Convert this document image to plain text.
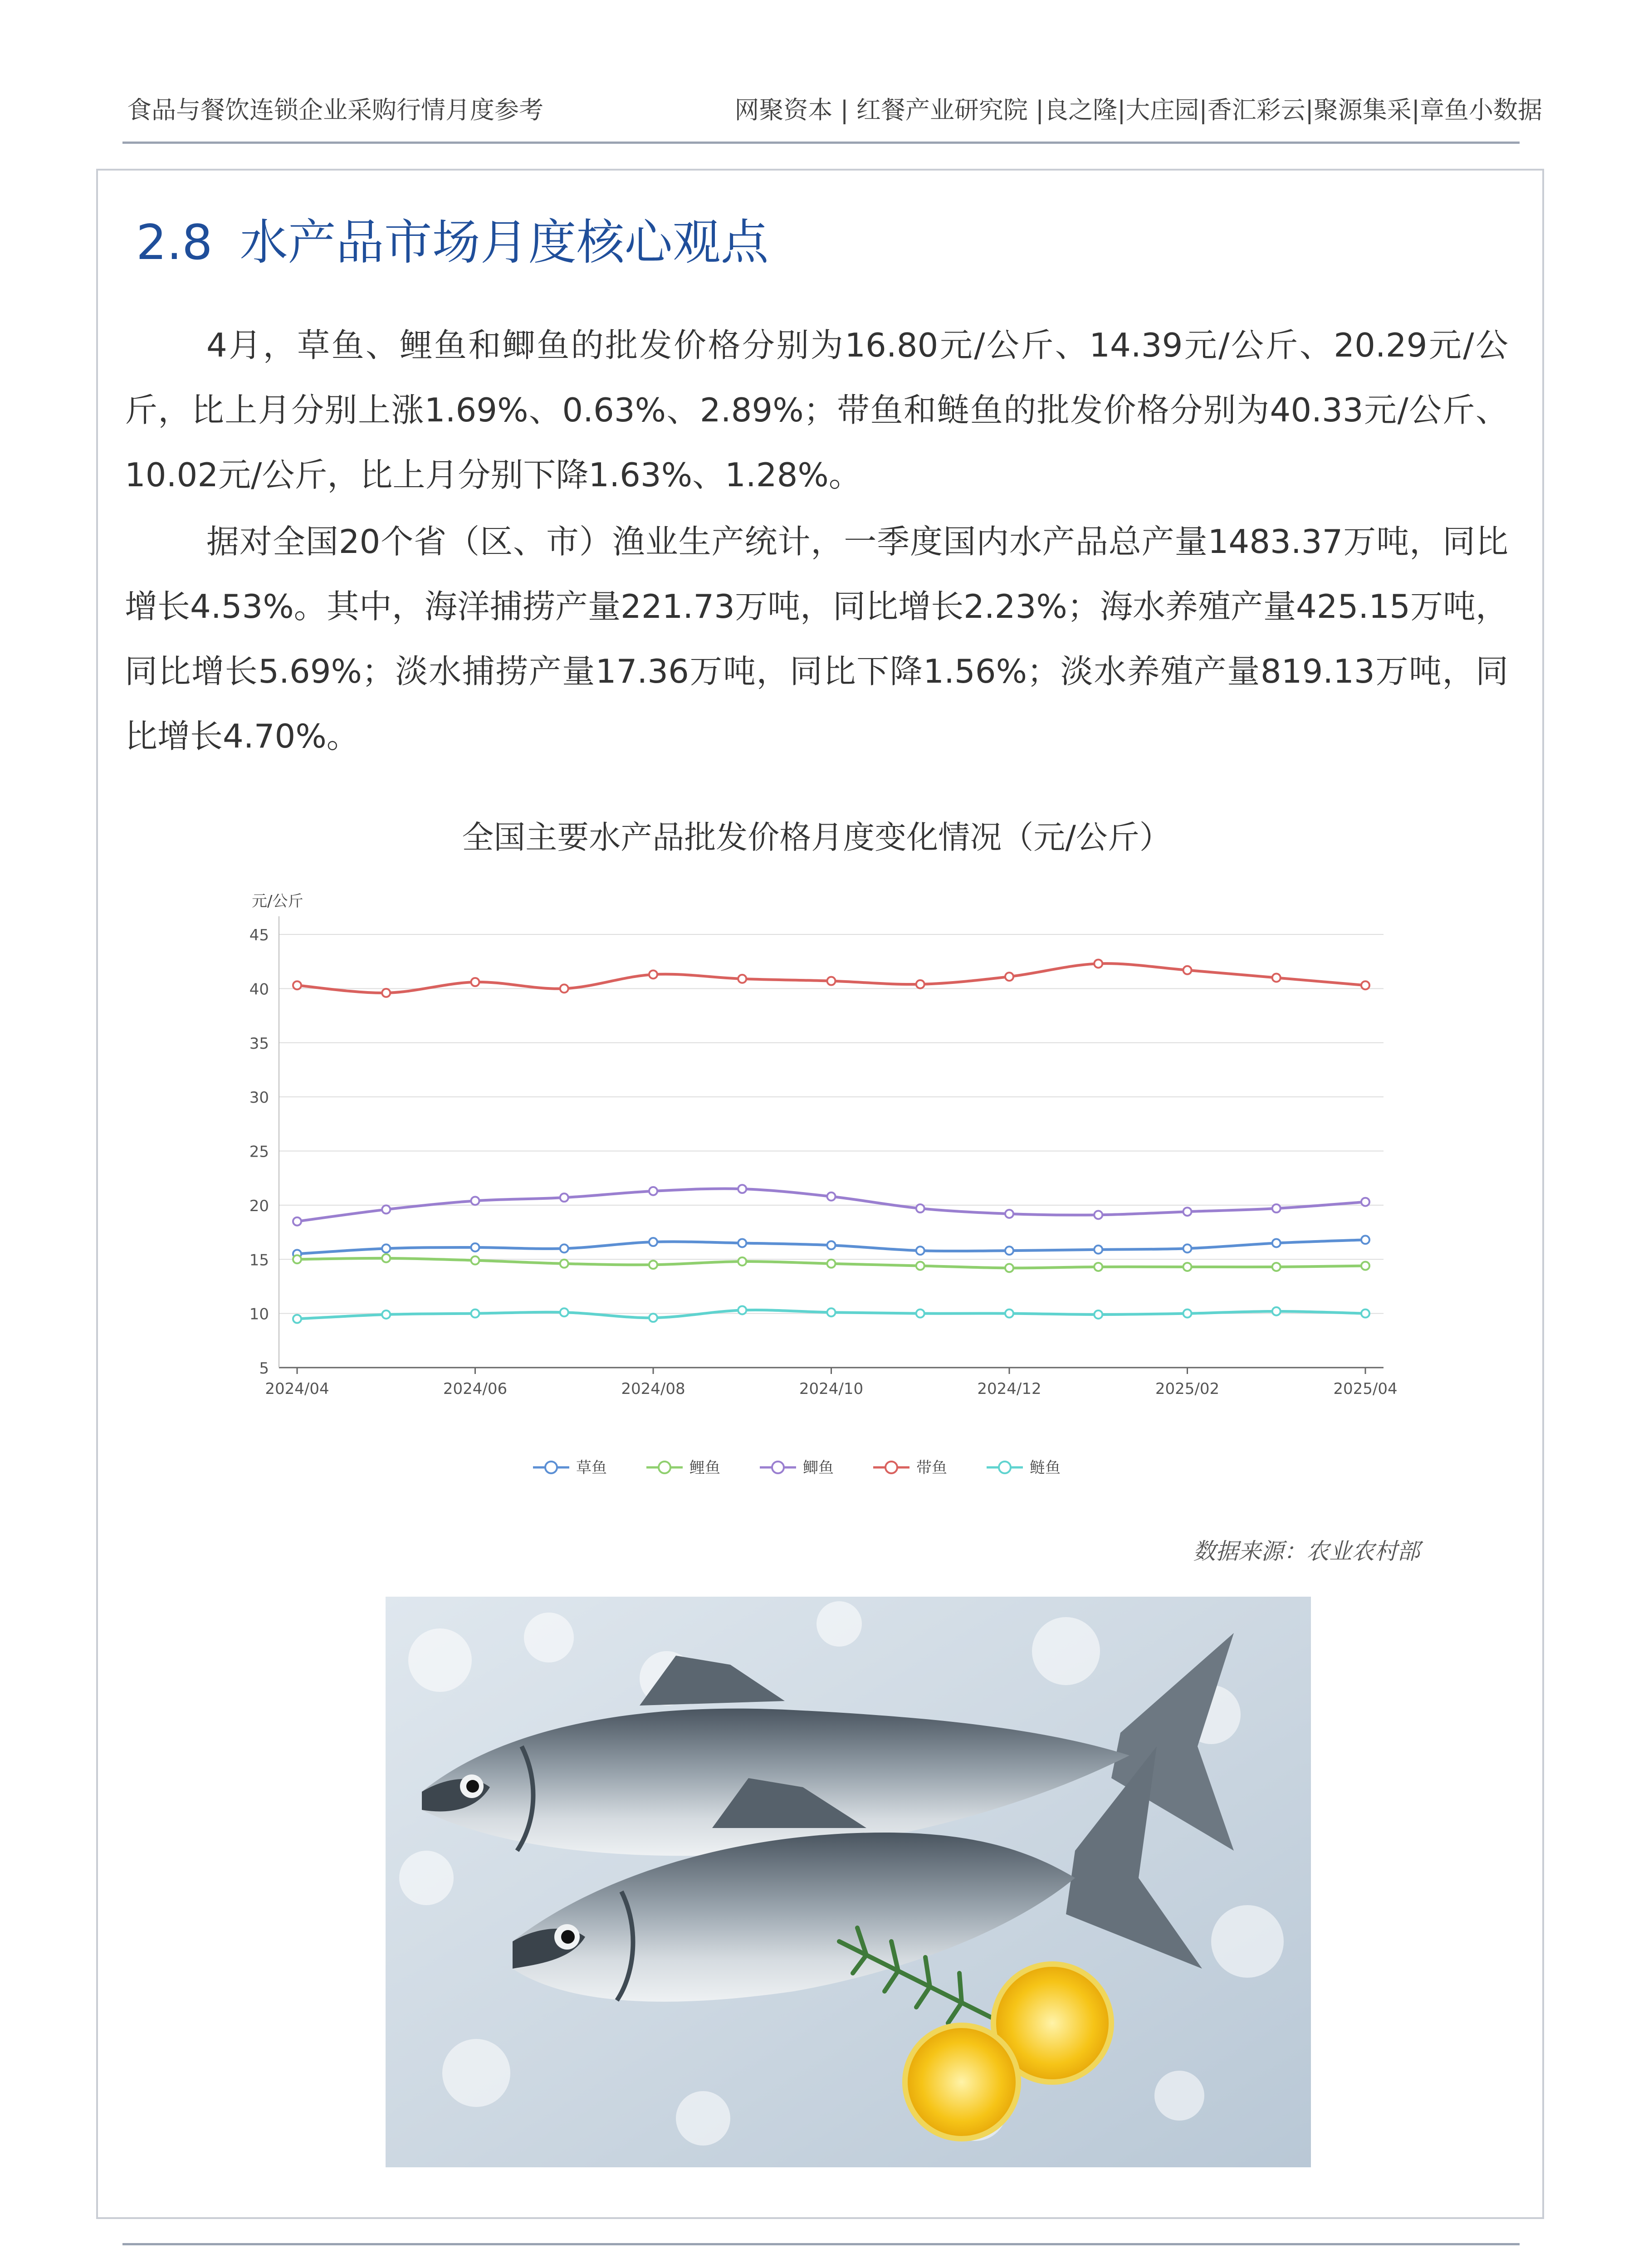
食品与餐饮连锁企业采购行情月度参考	网聚资本 | 红餐产业研究院 |良之隆|大庄园|香汇彩云|聚源集采|章鱼小数据
2.8 水产品市场月度核心观点

4月，草鱼、鲤鱼和鲫鱼的批发价格分别为16.80元/公斤、14.39元/公斤、20.29元/公斤，比上月分别上涨1.69%、0.63%、2.89%；带鱼和鲢鱼的批发价格分别为40.33元/公斤、10.02元/公斤，比上月分别下降1.63%、1.28%。

据对全国20个省（区、市）渔业生产统计，一季度国内水产品总产量1483.37万吨，同比增长4.53%。其中，海洋捕捞产量221.73万吨，同比增长2.23%；海水养殖产量425.15万吨，同比增长5.69%；淡水捕捞产量17.36万吨，同比下降1.56%；淡水养殖产量819.13万吨，同比增长4.70%。

全国主要水产品批发价格月度变化情况（元/公斤）
元/公斤
5
10
15
20
25
30
35
40
45
2024/04	2024/06	2024/08	2024/10	2024/12	2025/02	2025/04
草鱼	鲤鱼	鲫鱼	带鱼	鲢鱼
数据来源：农业农村部
